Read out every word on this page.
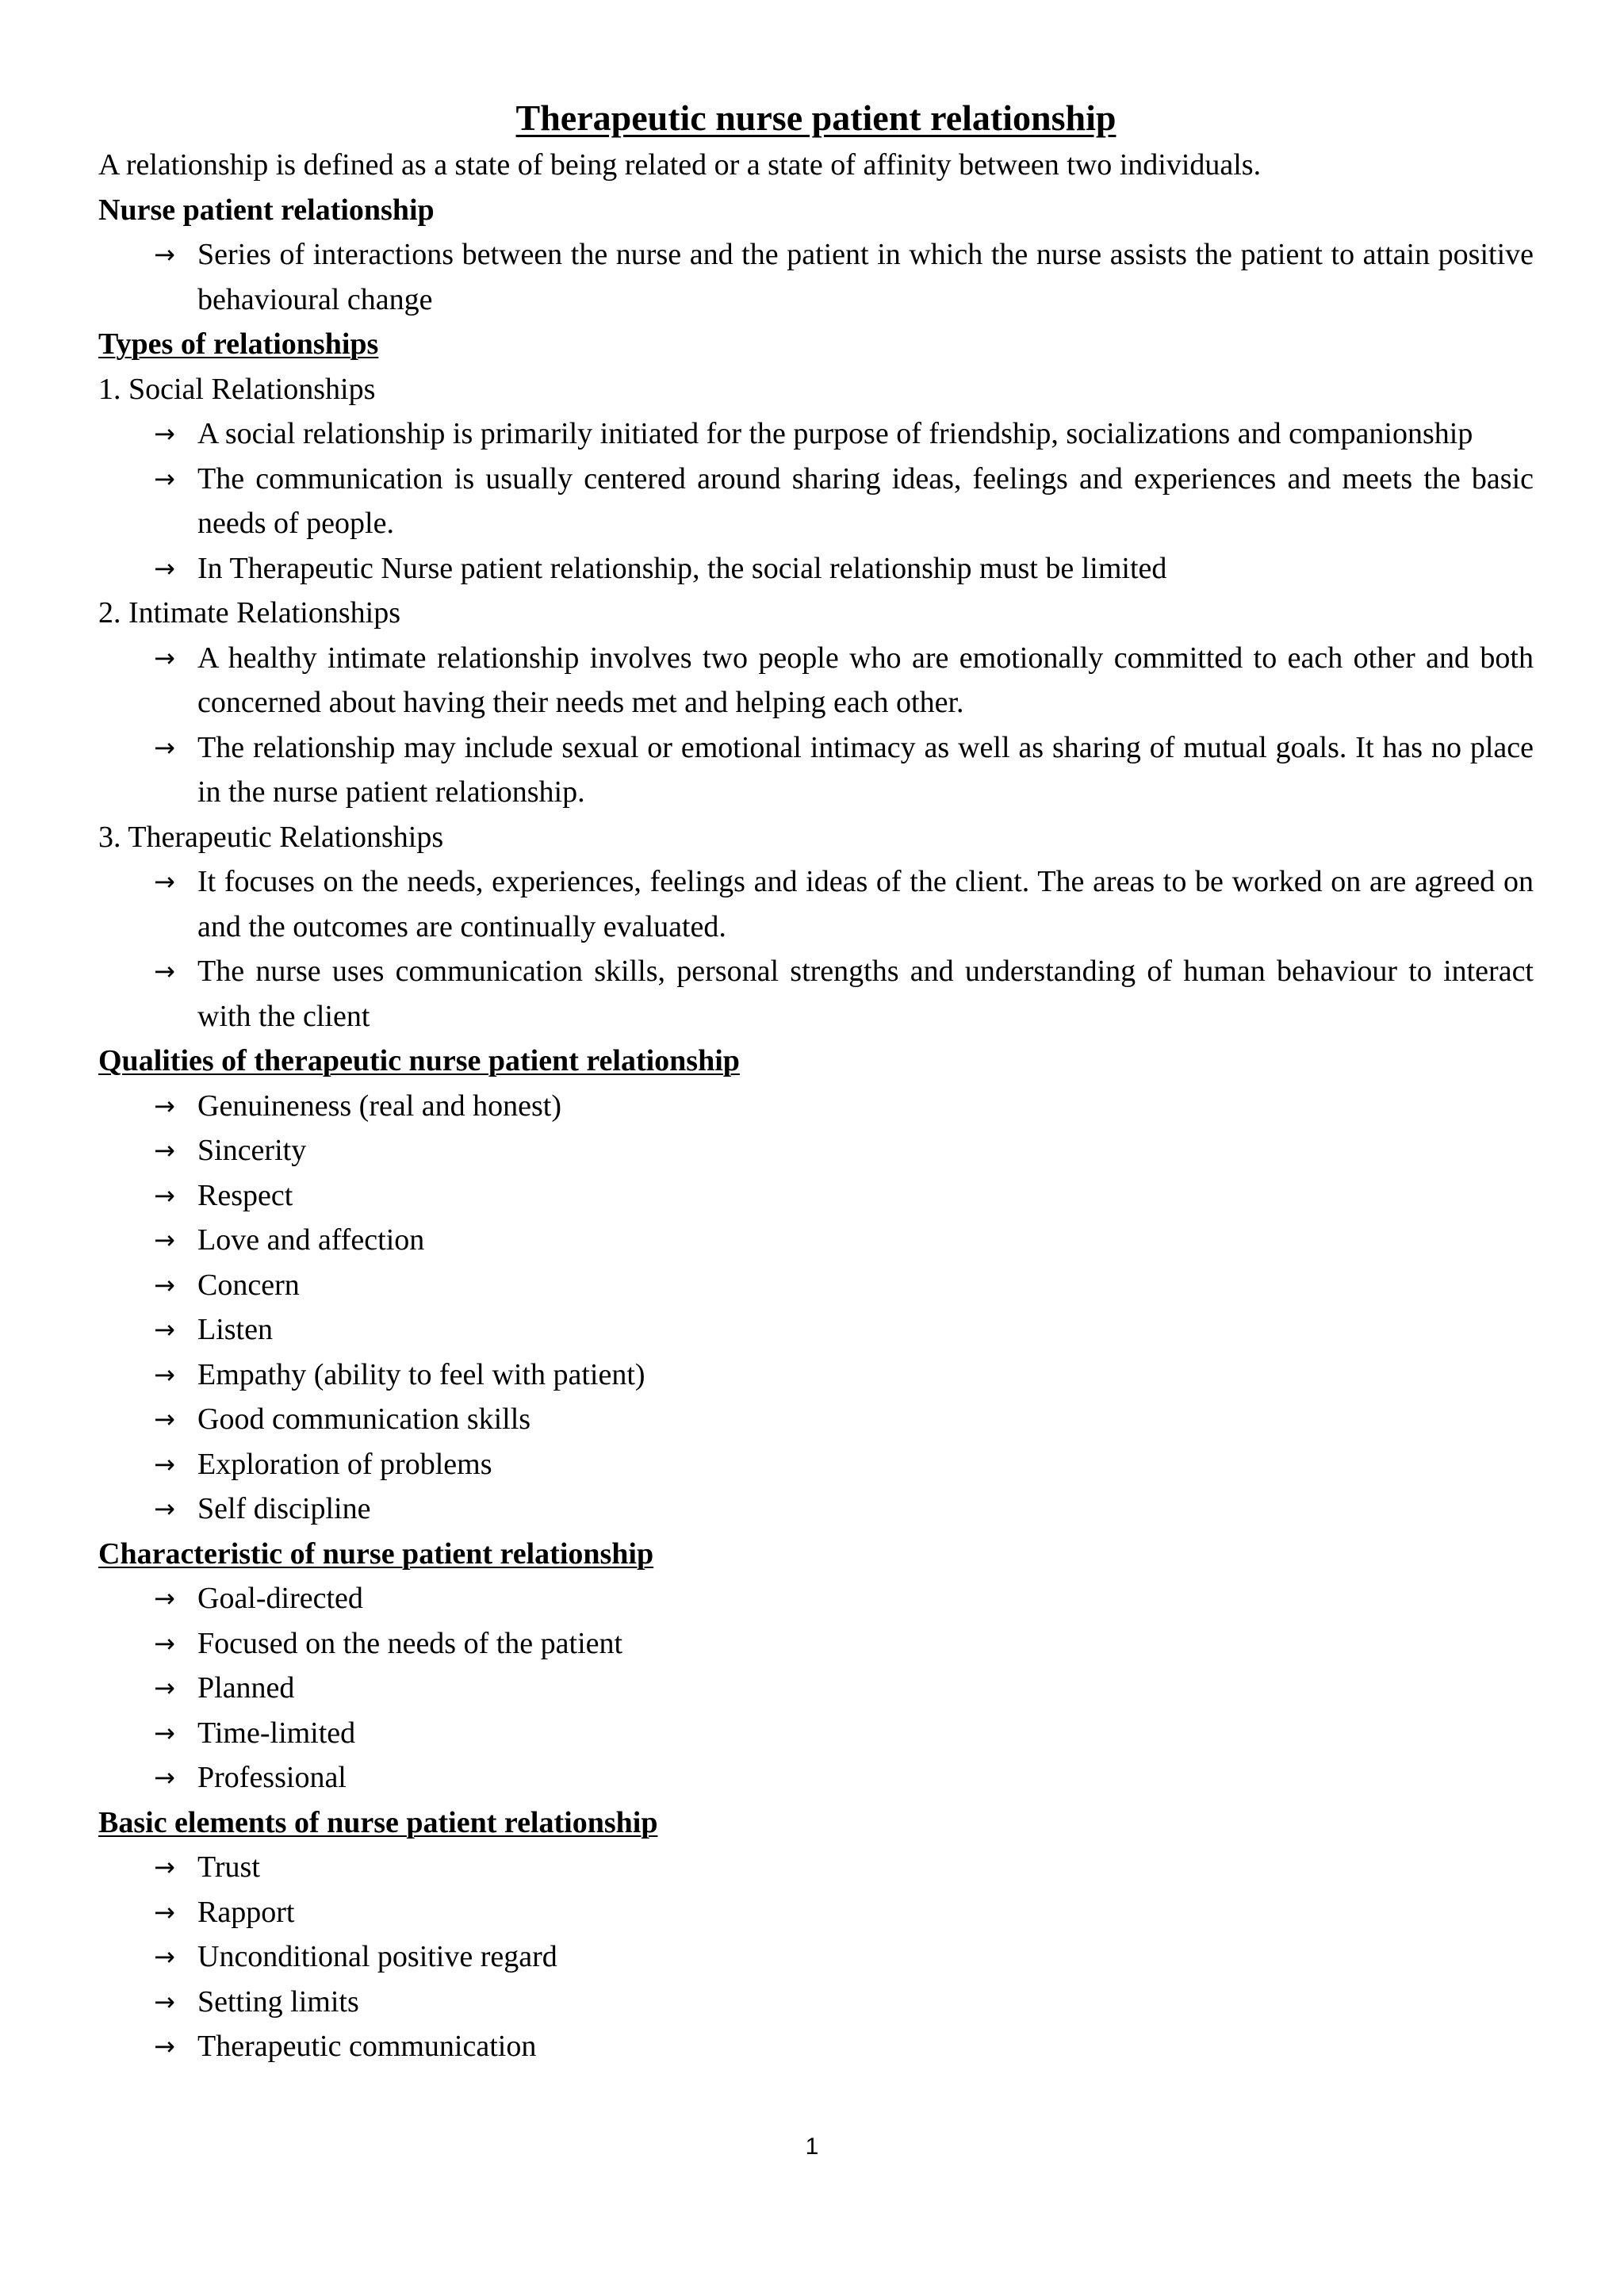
Therapeutic nurse patient relationship

A relationship is defined as a state of being related or a state of affinity between two individuals.

Nurse patient relationship

→ Series of interactions between the nurse and the patient in which the nurse assists the patient to attain positive behavioural change

Types of relationships

1. Social Relationships

→ A social relationship is primarily initiated for the purpose of friendship, socializations and companionship
→ The communication is usually centered around sharing ideas, feelings and experiences and meets the basic needs of people.
→ In Therapeutic Nurse patient relationship, the social relationship must be limited

2. Intimate Relationships

→ A healthy intimate relationship involves two people who are emotionally committed to each other and both concerned about having their needs met and helping each other.
→ The relationship may include sexual or emotional intimacy as well as sharing of mutual goals. It has no place in the nurse patient relationship.

3. Therapeutic Relationships

→ It focuses on the needs, experiences, feelings and ideas of the client. The areas to be worked on are agreed on and the outcomes are continually evaluated.
→ The nurse uses communication skills, personal strengths and understanding of human behaviour to interact with the client

Qualities of therapeutic nurse patient relationship

→ Genuineness (real and honest)
→ Sincerity
→ Respect
→ Love and affection
→ Concern
→ Listen
→ Empathy (ability to feel with patient)
→ Good communication skills
→ Exploration of problems
→ Self discipline

Characteristic of nurse patient relationship

→ Goal-directed
→ Focused on the needs of the patient
→ Planned
→ Time-limited
→ Professional

Basic elements of nurse patient relationship

→ Trust
→ Rapport
→ Unconditional positive regard
→ Setting limits
→ Therapeutic communication
1
